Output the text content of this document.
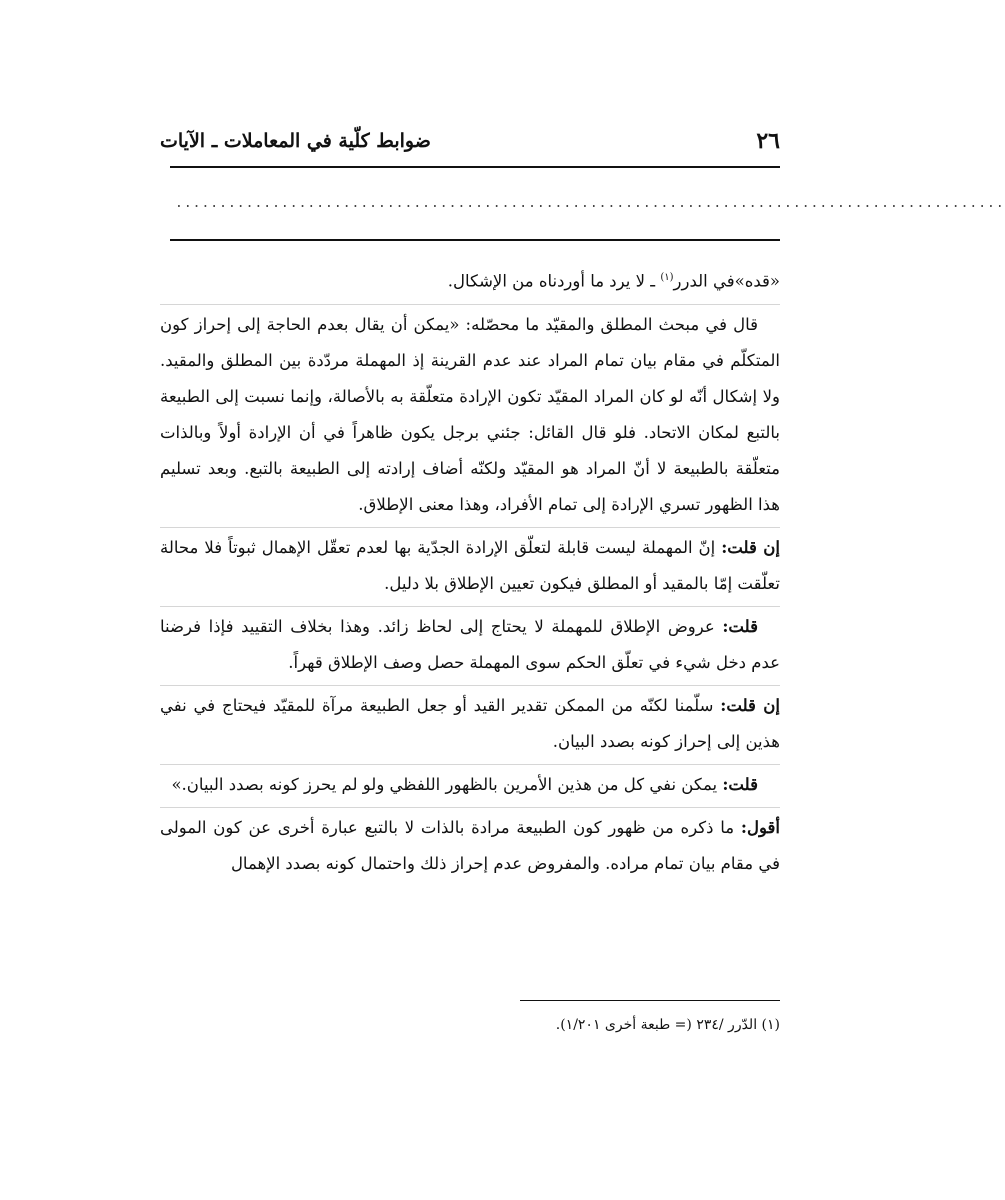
٢٦
ضوابط كلّية في المعاملات ـ الآيات
..............................................................................................

«قده»في الدرر$^{(١)}$ ـ لا يرد ما أوردناه من الإشكال.

قال في مبحث المطلق والمقيّد ما محصّله: «يمكن أن يقال بعدم الحاجة إلى إحراز كون المتكلّم في مقام بيان تمام المراد عند عدم القرينة إذ المهملة مردّدة بين المطلق والمقيد. ولا إشكال أنّه لو كان المراد المقيّد تكون الإرادة متعلّقة به بالأصالة، وإنما نسبت إلى الطبيعة بالتبع لمكان الاتحاد. فلو قال القائل: جئني برجل يكون ظاهراً في أن الإرادة أولاً وبالذات متعلّقة بالطبيعة لا أنّ المراد هو المقيّد ولكنّه أضاف إرادته إلى الطبيعة بالتبع. وبعد تسليم هذا الظهور تسري الإرادة إلى تمام الأفراد، وهذا معنى الإطلاق.

إن قلت: إنّ المهملة ليست قابلة لتعلّق الإرادة الجدّية بها لعدم تعقّل الإهمال ثبوتاً فلا محالة تعلّقت إمّا بالمقيد أو المطلق فيكون تعيين الإطلاق بلا دليل.

قلت: عروض الإطلاق للمهملة لا يحتاج إلى لحاظ زائد. وهذا بخلاف التقييد فإذا فرضنا عدم دخل شيء في تعلّق الحكم سوى المهملة حصل وصف الإطلاق قهراً.

إن قلت: سلّمنا لكنّه من الممكن تقدير القيد أو جعل الطبيعة مرآة للمقيّد فيحتاج في نفي هذين إلى إحراز كونه بصدد البيان.

قلت: يمكن نفي كل من هذين الأمرين بالظهور اللفظي ولو لم يحرز كونه بصدد البيان.»

أقول: ما ذكره من ظهور كون الطبيعة مرادة بالذات لا بالتبع عبارة أخرى عن كون المولى في مقام بيان تمام مراده. والمفروض عدم إحراز ذلك واحتمال كونه بصدد الإهمال

(١) الدّرر /٢٣٤ (= طبعة أخرى ١/٢٠١).
